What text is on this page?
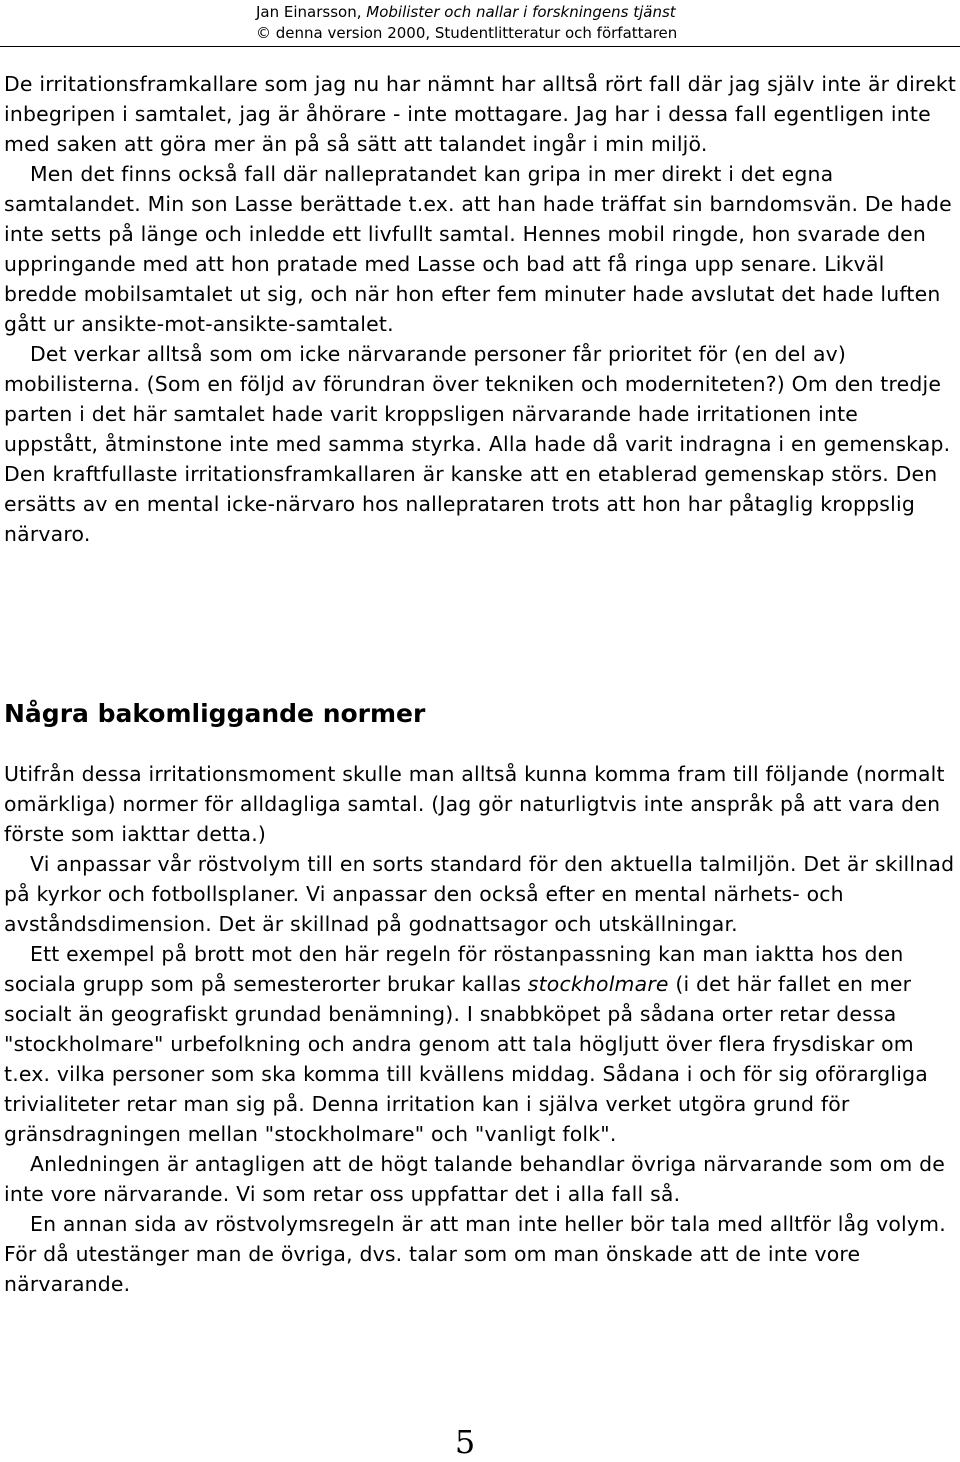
Jan Einarsson, Mobilister och nallar i forskningens tjänst
© denna version 2000, Studentlitteratur och författaren

De irritationsframkallare som jag nu har nämnt har alltså rört fall där jag själv inte är direkt inbegripen i samtalet, jag är åhörare - inte mottagare. Jag har i dessa fall egentligen inte med saken att göra mer än på så sätt att talandet ingår i min miljö.

Men det finns också fall där nallepratandet kan gripa in mer direkt i det egna samtalandet. Min son Lasse berättade t.ex. att han hade träffat sin barndomsvän. De hade inte setts på länge och inledde ett livfullt samtal. Hennes mobil ringde, hon svarade den uppringande med att hon pratade med Lasse och bad att få ringa upp senare. Likväl bredde mobilsamtalet ut sig, och när hon efter fem minuter hade avslutat det hade luften gått ur ansikte-mot-ansikte-samtalet.

Det verkar alltså som om icke närvarande personer får prioritet för (en del av) mobilisterna. (Som en följd av förundran över tekniken och moderniteten?) Om den tredje parten i det här samtalet hade varit kroppsligen närvarande hade irritationen inte uppstått, åtminstone inte med samma styrka. Alla hade då varit indragna i en gemenskap. Den kraftfullaste irritationsframkallaren är kanske att en etablerad gemenskap störs. Den ersätts av en mental icke-närvaro hos nalleprataren trots att hon har påtaglig kroppslig närvaro.

Några bakomliggande normer

Utifrån dessa irritationsmoment skulle man alltså kunna komma fram till följande (normalt omärkliga) normer för alldagliga samtal. (Jag gör naturligtvis inte anspråk på att vara den förste som iakttar detta.)

Vi anpassar vår röstvolym till en sorts standard för den aktuella talmiljön. Det är skillnad på kyrkor och fotbollsplaner. Vi anpassar den också efter en mental närhets- och avståndsdimension. Det är skillnad på godnattsagor och utskällningar.

Ett exempel på brott mot den här regeln för röstanpassning kan man iaktta hos den sociala grupp som på semesterorter brukar kallas stockholmare (i det här fallet en mer socialt än geografiskt grundad benämning). I snabbköpet på sådana orter retar dessa "stockholmare" urbefolkning och andra genom att tala högljutt över flera frysdiskar om t.ex. vilka personer som ska komma till kvällens middag. Sådana i och för sig oförargliga trivialiteter retar man sig på. Denna irritation kan i själva verket utgöra grund för gränsdragningen mellan "stockholmare" och "vanligt folk".

Anledningen är antagligen att de högt talande behandlar övriga närvarande som om de inte vore närvarande. Vi som retar oss uppfattar det i alla fall så.

En annan sida av röstvolymsregeln är att man inte heller bör tala med alltför låg volym. För då utestänger man de övriga, dvs. talar som om man önskade att de inte vore närvarande.

5
